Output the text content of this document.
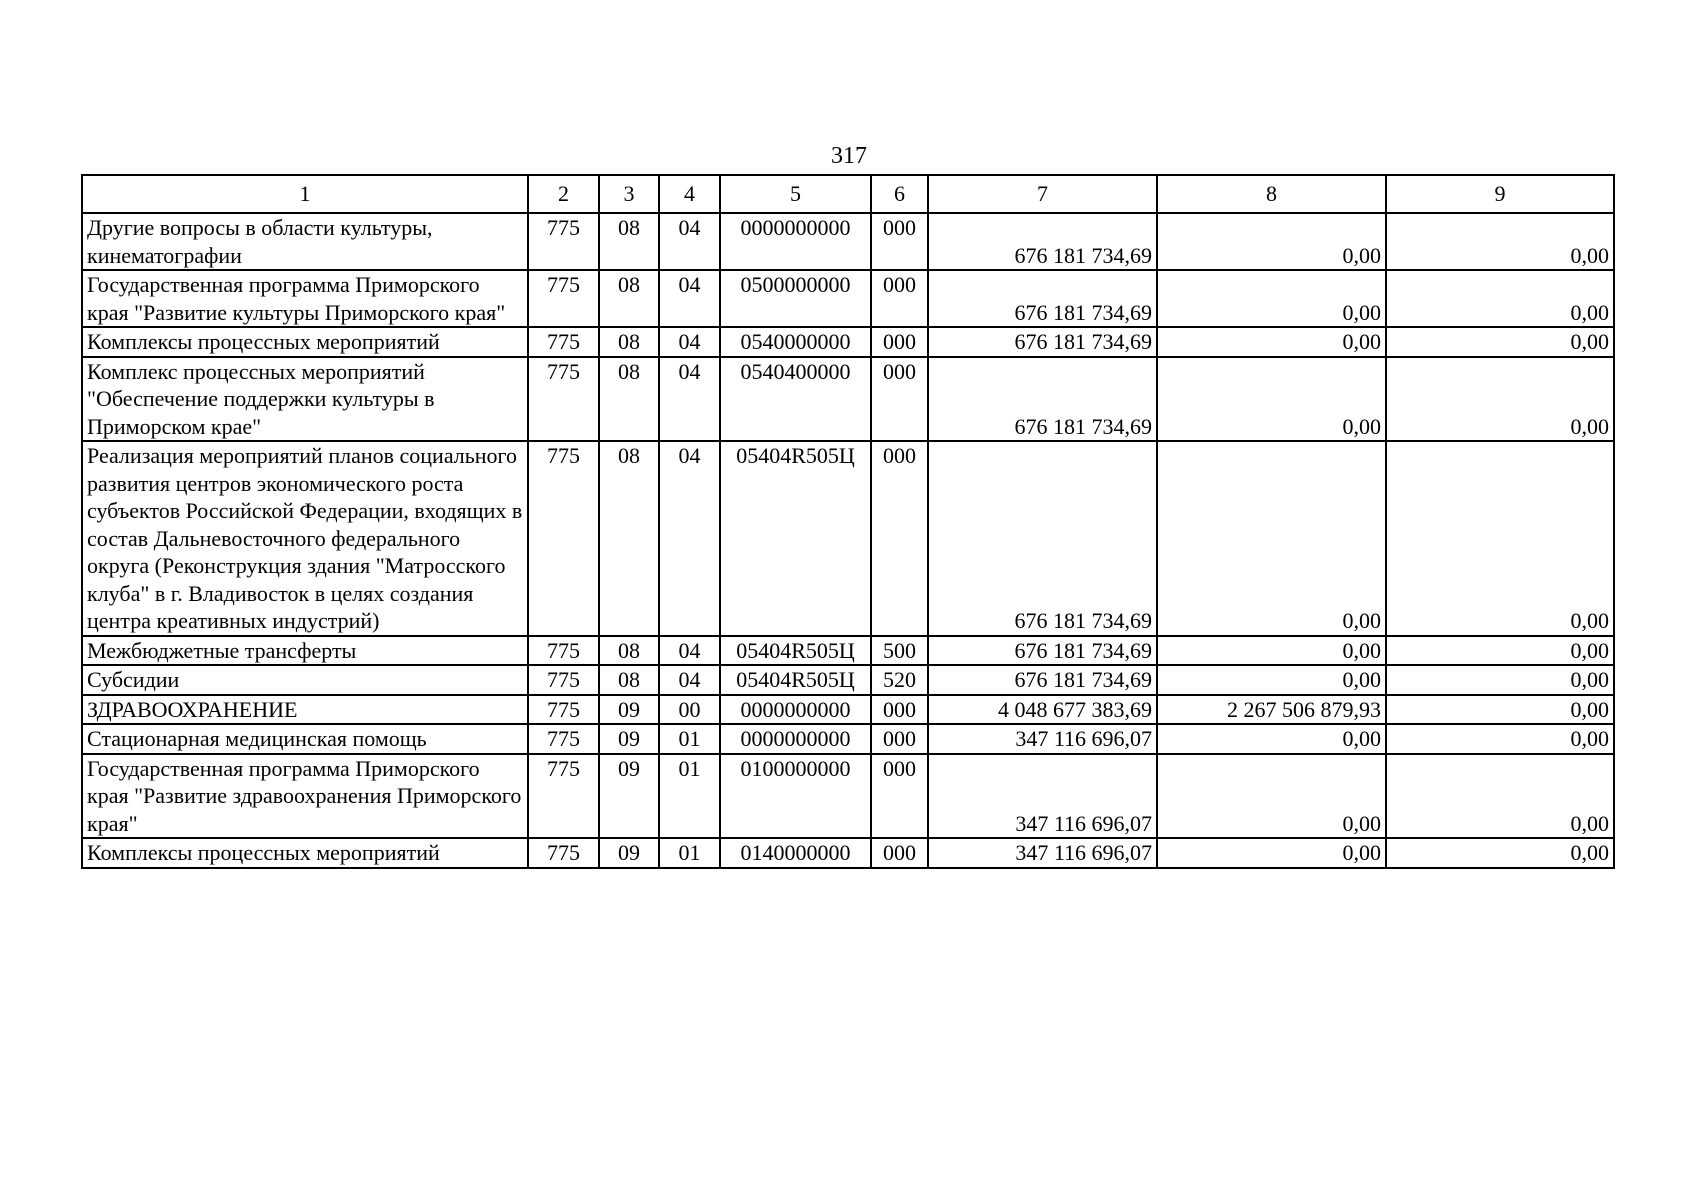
317
1	2	3	4	5	6	7	8	9
Другие вопросы в области культуры, кинематографии	775	08	04	0000000000	000	676 181 734,69	0,00	0,00
Государственная программа Приморского края "Развитие культуры Приморского края"	775	08	04	0500000000	000	676 181 734,69	0,00	0,00
Комплексы процессных мероприятий	775	08	04	0540000000	000	676 181 734,69	0,00	0,00
Комплекс процессных мероприятий "Обеспечение поддержки культуры в Приморском крае"	775	08	04	0540400000	000	676 181 734,69	0,00	0,00
Реализация мероприятий планов социального развития центров экономического роста субъектов Российской Федерации, входящих в состав Дальневосточного федерального округа (Реконструкция здания "Матросского клуба" в г. Владивосток в целях создания центра креативных индустрий)	775	08	04	05404R505Ц	000	676 181 734,69	0,00	0,00
Межбюджетные трансферты	775	08	04	05404R505Ц	500	676 181 734,69	0,00	0,00
Субсидии	775	08	04	05404R505Ц	520	676 181 734,69	0,00	0,00
ЗДРАВООХРАНЕНИЕ	775	09	00	0000000000	000	4 048 677 383,69	2 267 506 879,93	0,00
Стационарная медицинская помощь	775	09	01	0000000000	000	347 116 696,07	0,00	0,00
Государственная программа Приморского края "Развитие здравоохранения Приморского края"	775	09	01	0100000000	000	347 116 696,07	0,00	0,00
Комплексы процессных мероприятий	775	09	01	0140000000	000	347 116 696,07	0,00	0,00
